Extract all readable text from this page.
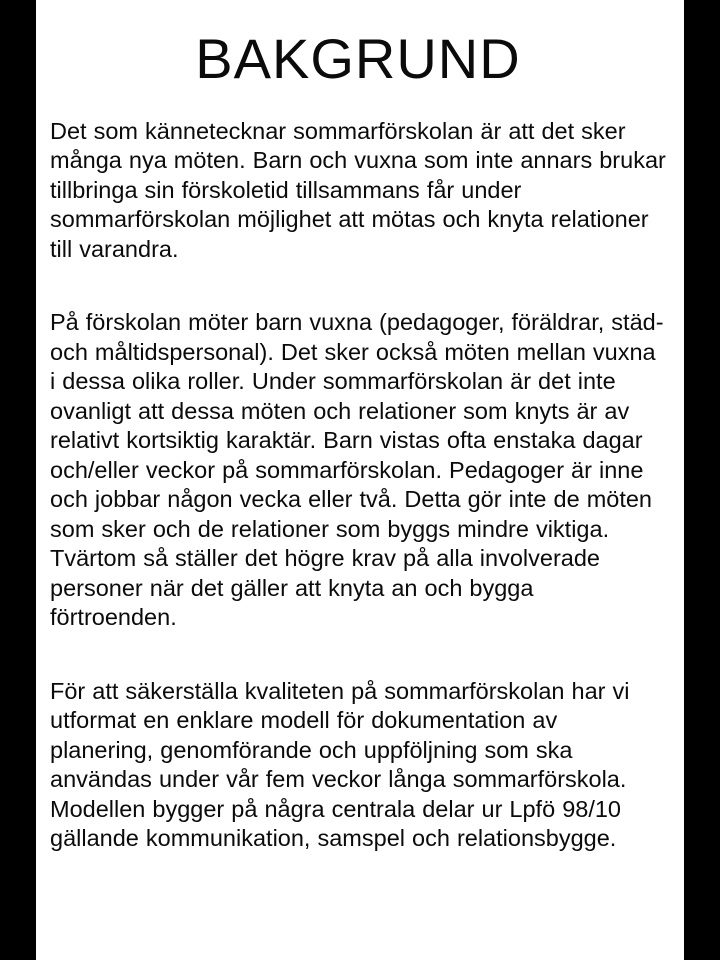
BAKGRUND

Det som kännetecknar sommarförskolan är att det sker många nya möten. Barn och vuxna som inte annars brukar tillbringa sin förskoletid tillsammans får under sommarförskolan möjlighet att mötas och knyta relationer till varandra.

På förskolan möter barn vuxna (pedagoger, föräldrar, städ- och måltidspersonal). Det sker också möten mellan vuxna i dessa olika roller. Under sommarförskolan är det inte ovanligt att dessa möten och relationer som knyts är av relativt kortsiktig karaktär. Barn vistas ofta enstaka dagar och/eller veckor på sommarförskolan. Pedagoger är inne och jobbar någon vecka eller två. Detta gör inte de möten som sker och de relationer som byggs mindre viktiga. Tvärtom så ställer det högre krav på alla involverade personer när det gäller att knyta an och bygga förtroenden.

För att säkerställa kvaliteten på sommarförskolan har vi utformat en enklare modell för dokumentation av planering, genomförande och uppföljning som ska användas under vår fem veckor långa sommarförskola. Modellen bygger på några centrala delar ur Lpfö 98/10 gällande kommunikation, samspel och relationsbygge.
